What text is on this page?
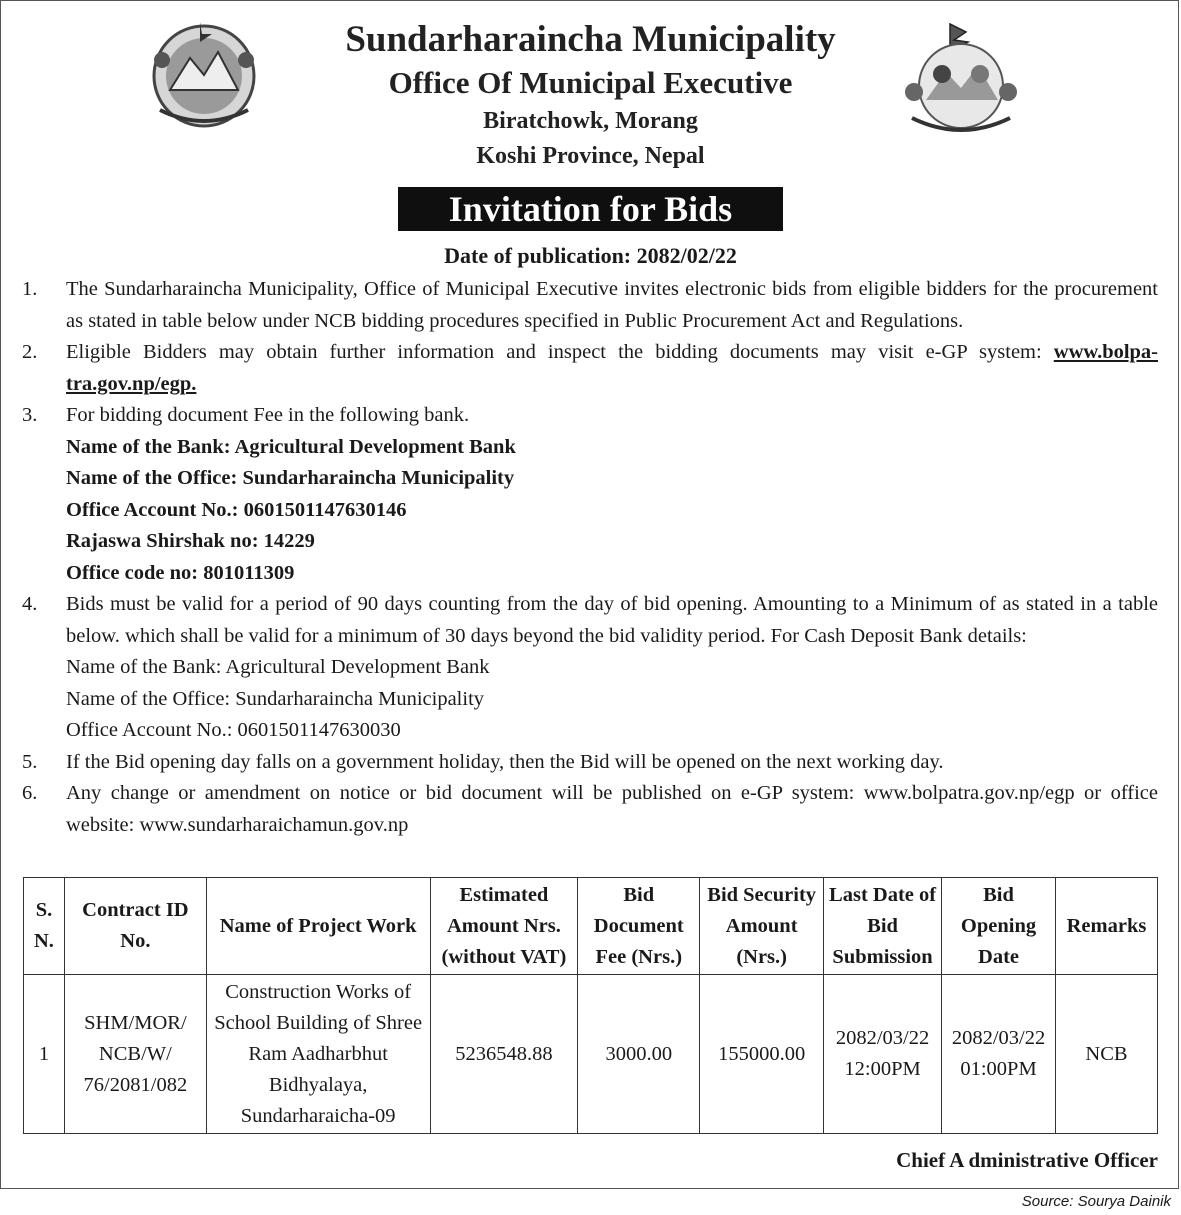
Sundarharaincha Municipality
Office Of Municipal Executive
Biratchowk, Morang
Koshi Province, Nepal
Invitation for Bids
Date of publication: 2082/02/22
1.	The Sundarharaincha Municipality, Office of Municipal Executive invites electronic bids from eligible bidders for the procurement as stated in table below under NCB bidding procedures specified in Public Procurement Act and Regulations.
2.	Eligible Bidders may obtain further information and inspect the bidding documents may visit e-GP system: www.bolpa-tra.gov.np/egp.
3.	For bidding document Fee in the following bank.
Name of the Bank: Agricultural Development Bank
Name of the Office: Sundarharaincha Municipality
Office Account No.: 0601501147630146
Rajaswa Shirshak no: 14229
Office code no: 801011309
4.	Bids must be valid for a period of 90 days counting from the day of bid opening. Amounting to a Minimum of as stated in a table below. which shall be valid for a minimum of 30 days beyond the bid validity period. For Cash Deposit Bank details:
Name of the Bank: Agricultural Development Bank
Name of the Office: Sundarharaincha Municipality
Office Account No.: 0601501147630030
5.	If the Bid opening day falls on a government holiday, then the Bid will be opened on the next working day.
6.	Any change or amendment on notice or bid document will be published on e-GP system: www.bolpatra.gov.np/egp or office website: www.sundarharaichamun.gov.np
S. N.	Contract ID No.	Name of Project Work	Estimated Amount Nrs. (without VAT)	Bid Document Fee (Nrs.)	Bid Security Amount (Nrs.)	Last Date of Bid Submission	Bid Opening Date	Remarks
1	SHM/MOR/ NCB/W/ 76/2081/082	Construction Works of School Building of Shree Ram Aadharbhut Bidhyalaya, Sundarharaicha-09	5236548.88	3000.00	155000.00	2082/03/22 12:00PM	2082/03/22 01:00PM	NCB
Chief A dministrative Officer
Source: Sourya Dainik
